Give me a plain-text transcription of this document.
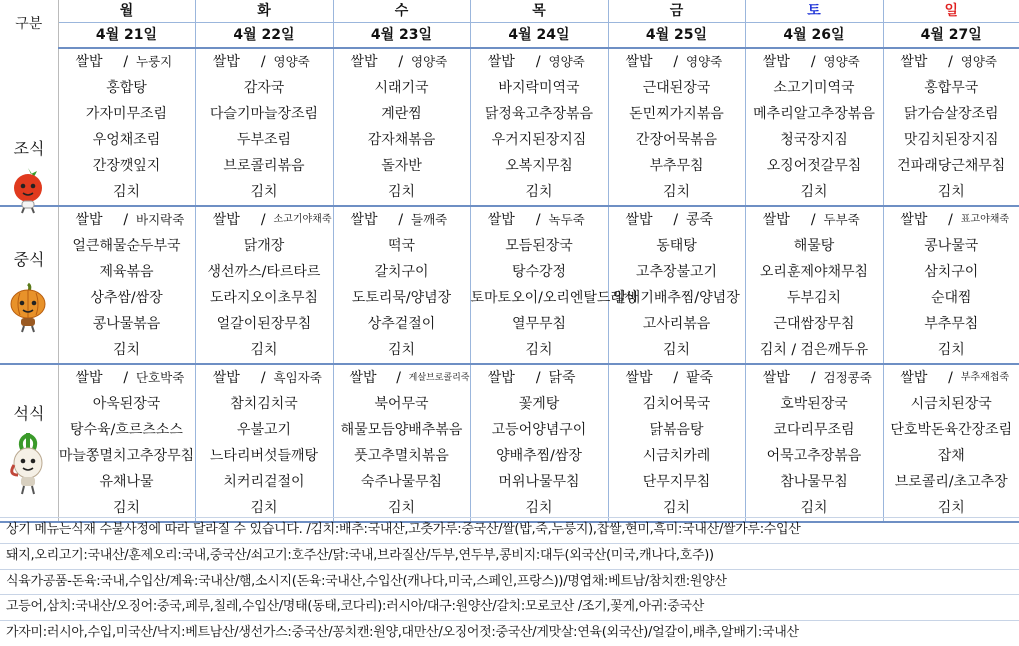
구분	월	화	수	목	금	토	일
	4월 21일	4월 22일	4월 23일	4월 24일	4월 25일	4월 26일	4월 27일

조식	쌀밥 / 누룽지	쌀밥 / 영양죽	쌀밥 / 영양죽	쌀밥 / 영양죽	쌀밥 / 영양죽	쌀밥 / 영양죽	쌀밥 / 영양죽

	홍합탕	감자국	시래기국	바지락미역국	근대된장국	소고기미역국	홍합무국
	가자미무조림	다슬기마늘장조림	계란찜	닭정육고추장볶음	돈민찌가지볶음	메추리알고추장볶음	닭가슴살장조림
	우엉채조림	두부조림	감자채볶음	우거지된장지짐	간장어묵볶음	청국장지짐	맛김치된장지짐
	간장깻잎지	브로콜리볶음	돌자반	오복지무침	부추무침	오징어젓갈무침	건파래당근채무침
	김치	김치	김치	김치	김치	김치	김치

중식	쌀밥 / 바지락죽	쌀밥 / 소고기야채죽	쌀밥 / 들깨죽	쌀밥 / 녹두죽	쌀밥 / 콩죽	쌀밥 / 두부죽	쌀밥 / 표고야채죽

	얼큰해물순두부국	닭개장	떡국	모듬된장국	동태탕	해물탕	콩나물국
	제육볶음	생선까스/타르타르	갈치구이	탕수강정	고추장불고기	오리훈제야채무침	삼치구이
	상추쌈/쌈장	도라지오이초무침	도토리묵/양념장	토마토오이/오리엔탈드레싱	알배기배추찜/양념장	두부김치	순대찜
	콩나물볶음	얼갈이된장무침	상추겉절이	열무무침	고사리볶음	근대쌈장무침	부추무침
	김치	김치	김치	김치	김치	김치 / 검은깨두유	김치

석식	쌀밥 / 단호박죽	쌀밥 / 흑임자죽	쌀밥 / 게살브로콜리죽	쌀밥 / 닭죽	쌀밥 / 팥죽	쌀밥 / 검정콩죽	쌀밥 / 부추재첩죽

	아욱된장국	참치김치국	북어무국	꽃게탕	김치어묵국	호박된장국	시금치된장국
	탕수육/흐르츠소스	우불고기	해물모듬양배추볶음	고등어양념구이	닭볶음탕	코다리무조림	단호박돈육간장조림
	마늘쫑멸치고추장무침	느타리버섯들깨탕	풋고추멸치볶음	양배추찜/쌈장	시금치카레	어묵고추장볶음	잡채
	유채나물	치커리겉절이	숙주나물무침	머위나물무침	단무지무침	참나물무침	브로콜리/초고추장
	김치	김치	김치	김치	김치	김치	김치
상기 메뉴는식재 수불사정에 따라 달라질 수 있습니다. /김치:배추:국내산,고춧가루:중국산/쌀(밥,죽,누룽지),찹쌀,현미,흑미:국내산/쌀가루:수입산
돼지,오리고기:국내산/훈제오리:국내,중국산/쇠고기:호주산/닭:국내,브라질산/두부,연두부,콩비지:대두(외국산(미국,캐나다,호주))
식육가공품-돈육:국내,수입산/계육:국내산/햄,소시지(돈육:국내산,수입산(캐나다,미국,스페인,프랑스))/명엽채:베트남/참치캔:원양산
고등어,삼치:국내산/오징어:중국,페루,칠레,수입산/명태(동태,코다리):러시아/대구:원양산/갈치:모로코산 /조기,꽃게,아귀:중국산
가자미:러시아,수입,미국산/낙지:베트남산/생선가스:중국산/꽁치캔:원양,대만산/오징어젓:중국산/게맛살:연육(외국산)/얼갈이,배추,알배기:국내산
